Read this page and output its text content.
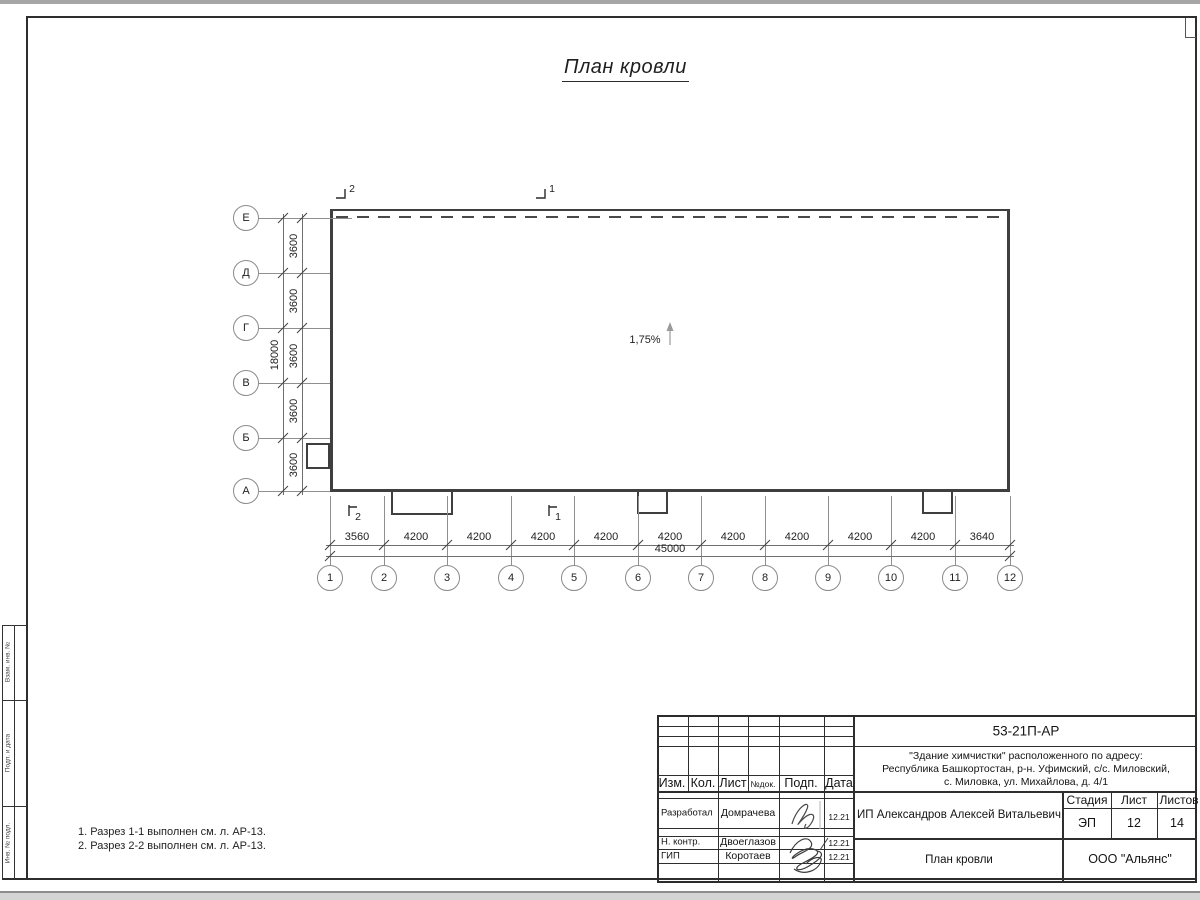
Взам. инв. №
Подп. и дата
Инв. № подл.
План кровли
1,75%
Е
Д
Г
В
Б
А
3600
3600
3600
3600
3600
18000
3560	4200	4200	4200	4200	4200	4200	4200	4200	4200	3640
45000
1	2	3	4	5	6	7	8	9	10	11	12
2	1
2	1
1. Разрез 1-1 выполнен см. л. АР-13.
2. Разрез 2-2 выполнен см. л. АР-13.
53-21П-АР
"Здание химчистки" расположенного по адресу:
Республика Башкортостан, р-н. Уфимский, с/с. Миловский,
с. Миловка, ул. Михайлова, д. 4/1
Изм. Кол. Лист №док. Подп. Дата
Разработал Домрачева	12.21
Н. контр. Двоеглазов	12.21
ГИП	Коротаев	12.21
ИП Александров Алексей Витальевич
Стадия Лист Листов
ЭП 12 14
План кровли	ООО "Альянс"
